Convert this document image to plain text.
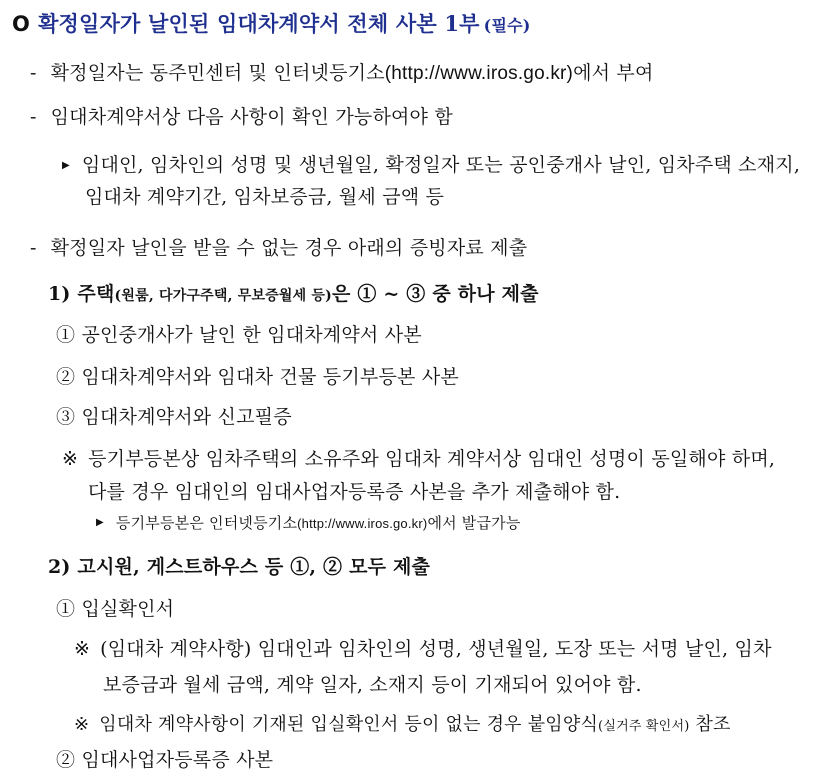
O 확정일자가 날인된 임대차계약서 전체 사본 1부 (필수)
- 확정일자는 동주민센터 및 인터넷등기소(http://www.iros.go.kr)에서 부여
- 임대차계약서상 다음 사항이 확인 가능하여야 함
▶ 임대인, 임차인의 성명 및 생년월일, 확정일자 또는 공인중개사 날인, 임차주택 소재지,
임대차 계약기간, 임차보증금, 월세 금액 등
- 확정일자 날인을 받을 수 없는 경우 아래의 증빙자료 제출
1) 주택(원룸, 다가구주택, 무보증월세 등)은 ① ~ ③ 중 하나 제출
① 공인중개사가 날인 한 임대차계약서 사본
② 임대차계약서와 임대차 건물 등기부등본 사본
③ 임대차계약서와 신고필증
※ 등기부등본상 임차주택의 소유주와 임대차 계약서상 임대인 성명이 동일해야 하며,
다를 경우 임대인의 임대사업자등록증 사본을 추가 제출해야 함.
▶ 등기부등본은 인터넷등기소(http://www.iros.go.kr)에서 발급가능
2) 고시원, 게스트하우스 등 ①, ② 모두 제출
① 입실확인서
※ (임대차 계약사항) 임대인과 임차인의 성명, 생년월일, 도장 또는 서명 날인, 임차
보증금과 월세 금액, 계약 일자, 소재지 등이 기재되어 있어야 함.
※ 임대차 계약사항이 기재된 입실확인서 등이 없는 경우 붙임양식(실거주 확인서) 참조
② 임대사업자등록증 사본
